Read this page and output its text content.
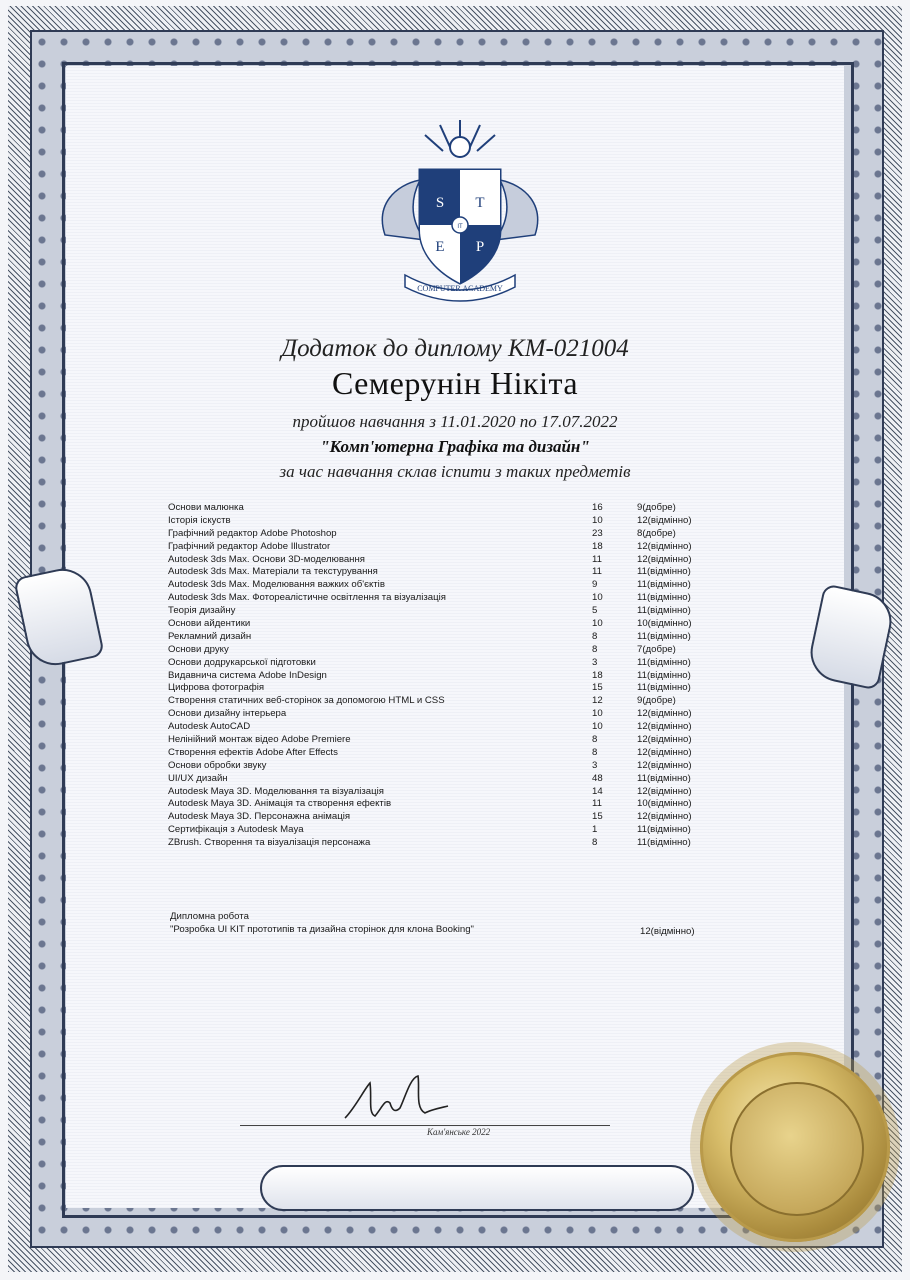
S T
E P
IT
COMPUTER ACADEMY
Додаток до диплому КМ-021004
Семерунін Нікіта
пройшов навчання з 11.01.2020 по 17.07.2022
"Комп'ютерна Графіка та дизайн"
за час навчання склав іспити з таких предметів
Основи малюнка	16	9(добре)
Історія іскуств	10	12(відмінно)
Графічний редактор Adobe Photoshop	23	8(добре)
Графічний редактор Adobe Illustrator	18	12(відмінно)
Autodesk 3ds Max. Основи 3D-моделювання	11	12(відмінно)
Autodesk 3ds Max. Матеріали та текстурування	11	11(відмінно)
Autodesk 3ds Max. Моделювання важких об'єктів	9	11(відмінно)
Autodesk 3ds Max. Фотореалістичне освітлення та візуалізація	10	11(відмінно)
Теорія дизайну	5	11(відмінно)
Основи айдентики	10	10(відмінно)
Рекламний дизайн	8	11(відмінно)
Основи друку	8	7(добре)
Основи додрукарської підготовки	3	11(відмінно)
Видавнича система Adobe InDesign	18	11(відмінно)
Цифрова фотографія	15	11(відмінно)
Створення статичних веб-сторінок за допомогою HTML и CSS	12	9(добре)
Основи дизайну інтерьера	10	12(відмінно)
Autodesk AutoCAD	10	12(відмінно)
Нелінійний монтаж відео Adobe Premiere	8	12(відмінно)
Створення ефектів Adobe After Effects	8	12(відмінно)
Основи обробки звуку	3	12(відмінно)
UI/UX дизайн	48	11(відмінно)
Autodesk Maya 3D. Моделювання та візуалізація	14	12(відмінно)
Autodesk Maya 3D. Анімація та створення ефектів	11	10(відмінно)
Autodesk Maya 3D. Персонажна анімація	15	12(відмінно)
Сертифікація з Autodesk Maya	1	11(відмінно)
ZBrush. Створення та візуалізація персонажа	8	11(відмінно)
Дипломна робота
"Розробка UI KIT прототипів та дизайна сторінок для клона Booking"	12(відмінно)
Кам'янське 2022
